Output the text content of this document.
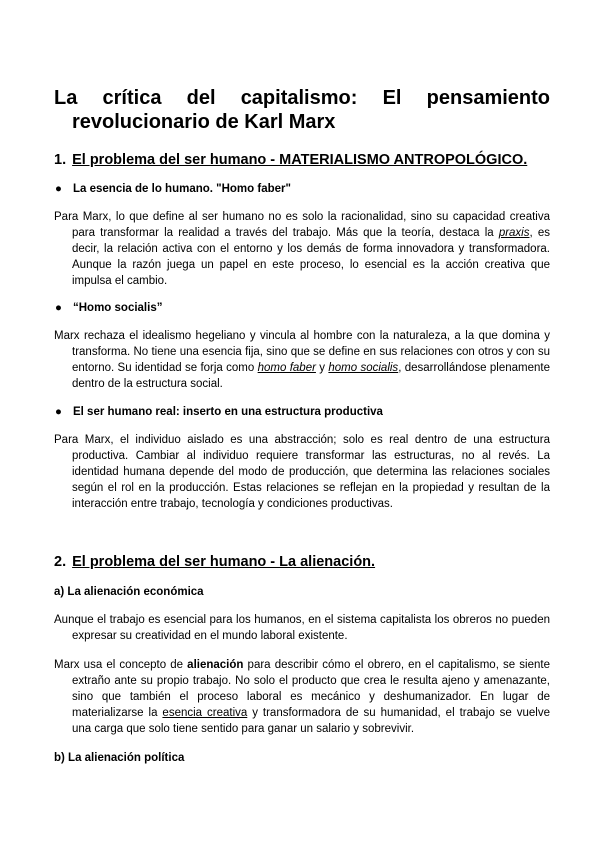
La crítica del capitalismo: El pensamiento
revolucionario de Karl Marx
1. El problema del ser humano - MATERIALISMO ANTROPOLÓGICO.
● La esencia de lo humano. "Homo faber"
Para Marx, lo que define al ser humano no es solo la racionalidad, sino su capacidad creativa para transformar la realidad a través del trabajo. Más que la teoría, destaca la praxis, es decir, la relación activa con el entorno y los demás de forma innovadora y transformadora. Aunque la razón juega un papel en este proceso, lo esencial es la acción creativa que impulsa el cambio.
● “Homo socialis”
Marx rechaza el idealismo hegeliano y vincula al hombre con la naturaleza, a la que domina y transforma. No tiene una esencia fija, sino que se define en sus relaciones con otros y con su entorno. Su identidad se forja como homo faber y homo socialis, desarrollándose plenamente dentro de la estructura social.
● El ser humano real: inserto en una estructura productiva
Para Marx, el individuo aislado es una abstracción; solo es real dentro de una estructura productiva. Cambiar al individuo requiere transformar las estructuras, no al revés. La identidad humana depende del modo de producción, que determina las relaciones sociales según el rol en la producción. Estas relaciones se reflejan en la propiedad y resultan de la interacción entre trabajo, tecnología y condiciones productivas.
2. El problema del ser humano - La alienación.
a) La alienación económica
Aunque el trabajo es esencial para los humanos, en el sistema capitalista los obreros no pueden expresar su creatividad en el mundo laboral existente.
Marx usa el concepto de alienación para describir cómo el obrero, en el capitalismo, se siente extraño ante su propio trabajo. No solo el producto que crea le resulta ajeno y amenazante, sino que también el proceso laboral es mecánico y deshumanizador. En lugar de materializarse la esencia creativa y transformadora de su humanidad, el trabajo se vuelve una carga que solo tiene sentido para ganar un salario y sobrevivir.
b) La alienación política
